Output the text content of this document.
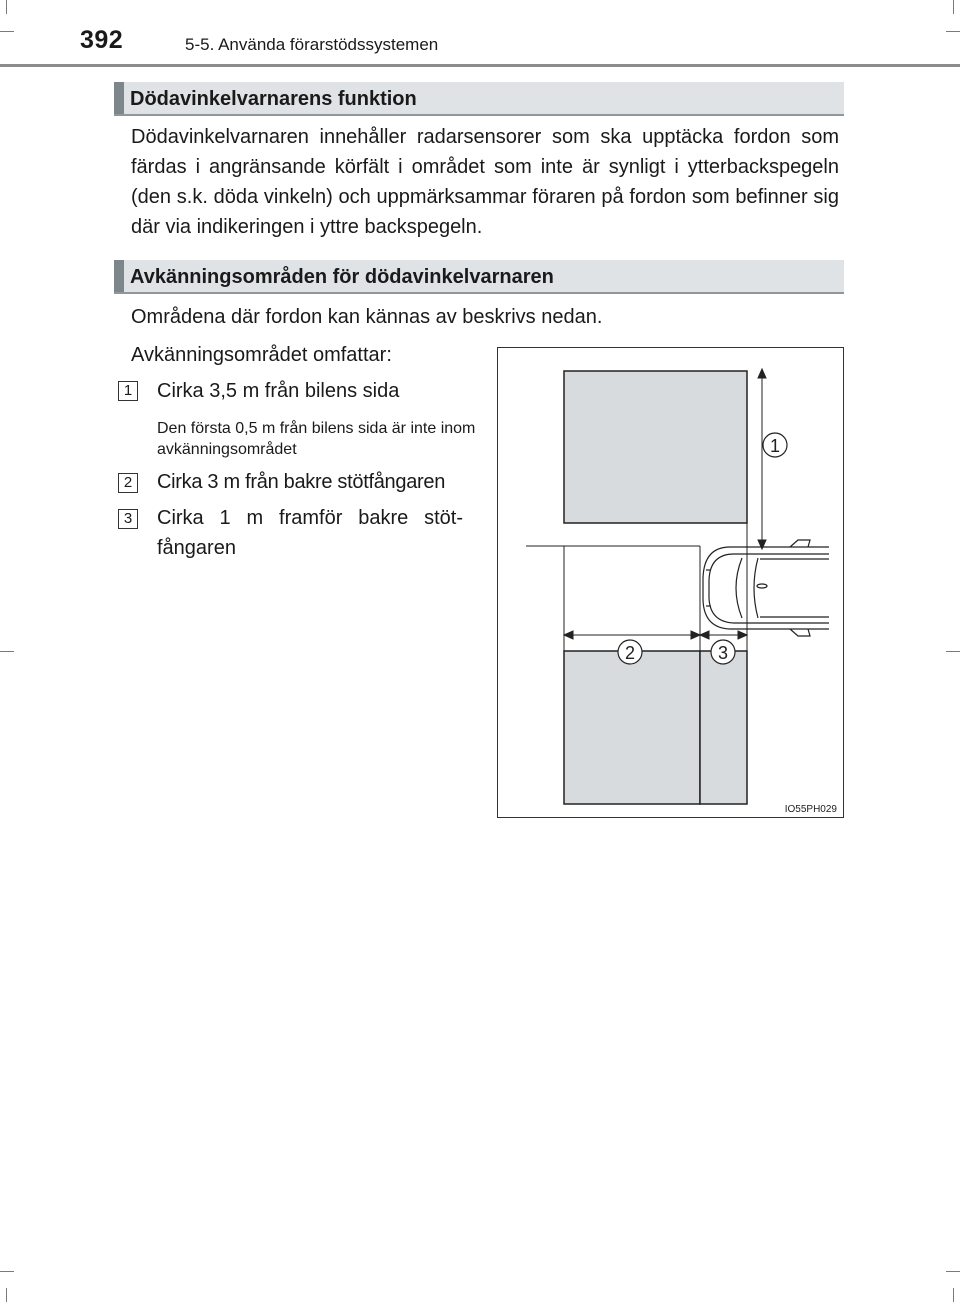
392	5-5. Använda förarstödssystemen
Dödavinkelvarnarens funktion
Dödavinkelvarnaren innehåller radarsensorer som ska upptäcka fordon som färdas i angränsande körfält i området som inte är synligt i ytterbackspegeln (den s.k. döda vinkeln) och uppmärksammar föraren på fordon som befinner sig där via indikeringen i yttre backspegeln.
Avkänningsområden för dödavinkelvarnaren
Områdena där fordon kan kännas av beskrivs nedan.
Avkänningsområdet omfattar:
1 Cirka 3,5 m från bilens sida
Den första 0,5 m från bilens sida är inte inom avkänningsområdet
2 Cirka 3 m från bakre stötfångaren
3 Cirka 1 m framför bakre stötfångaren
1
2	3
IO55PH029
